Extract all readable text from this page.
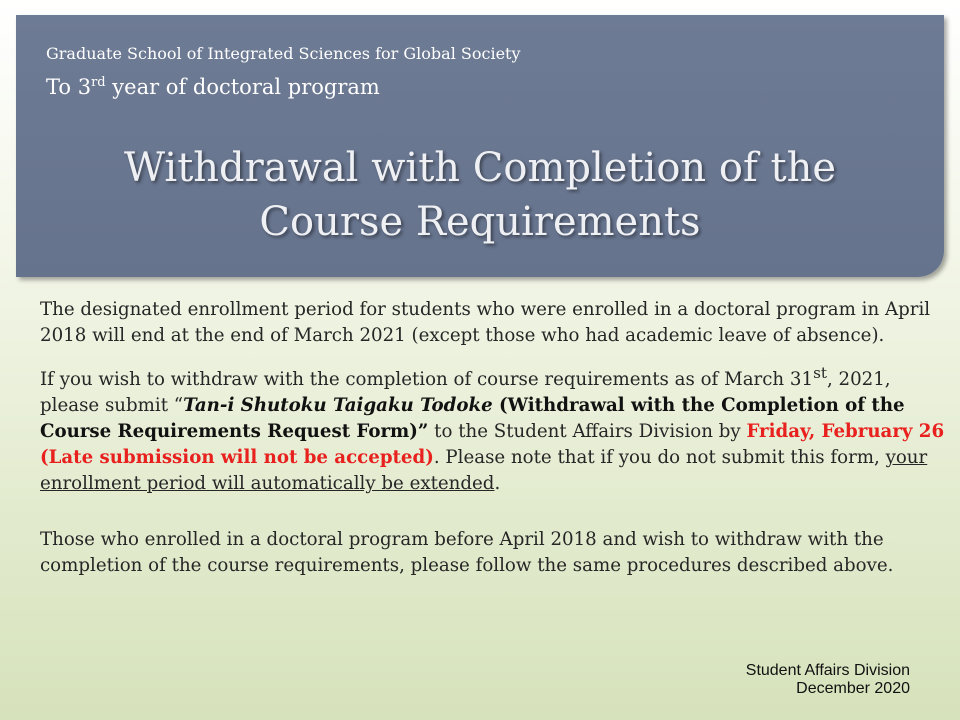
Graduate School of Integrated Sciences for Global Society
To 3rd year of doctoral program
Withdrawal with Completion of the
Course Requirements

The designated enrollment period for students who were enrolled in a doctoral program in April 2018 will end at the end of March 2021 (except those who had academic leave of absence).

If you wish to withdraw with the completion of course requirements as of March 31st, 2021, please submit “Tan-i Shutoku Taigaku Todoke (Withdrawal with the Completion of the Course Requirements Request Form)” to the Student Affairs Division by Friday, February 26 (Late submission will not be accepted). Please note that if you do not submit this form, your enrollment period will automatically be extended.

Those who enrolled in a doctoral program before April 2018 and wish to withdraw with the completion of the course requirements, please follow the same procedures described above.

Student Affairs Division
December 2020
